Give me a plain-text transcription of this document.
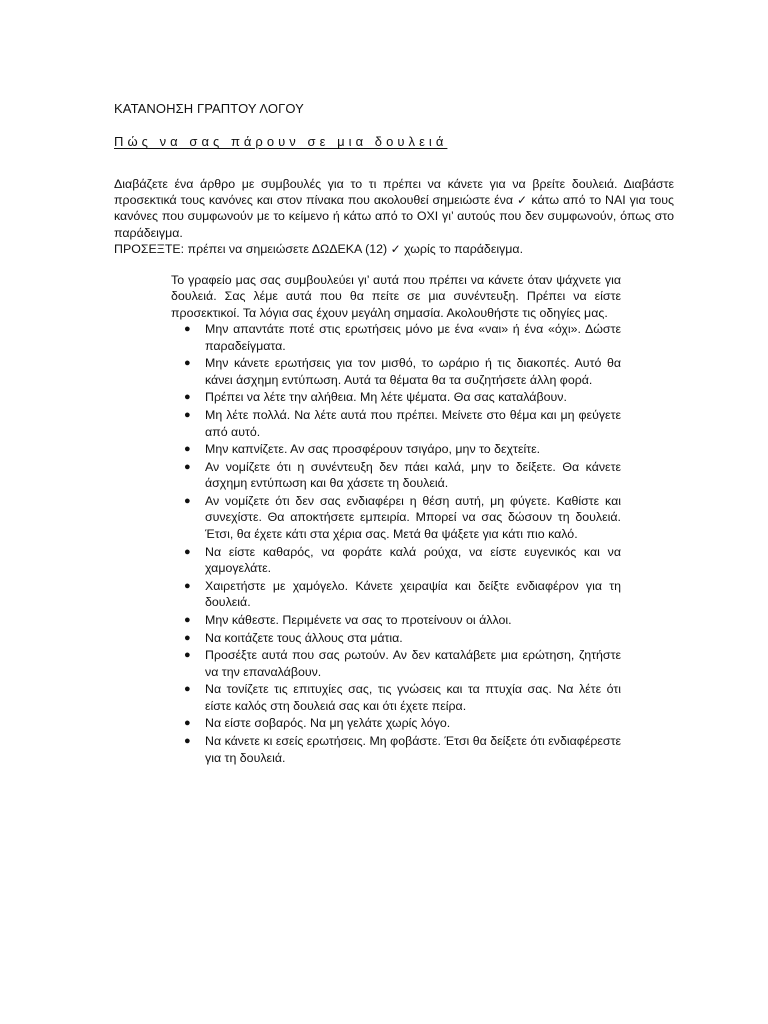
ΚΑΤΑΝΟΗΣΗ ΓΡΑΠΤΟΥ ΛΟΓΟΥ
Πώς να σας πάρουν σε μια δουλειά

Διαβάζετε ένα άρθρο με συμβουλές για το τι πρέπει να κάνετε για να βρείτε δουλειά. Διαβάστε προσεκτικά τους κανόνες και στον πίνακα που ακολουθεί σημειώστε ένα ✓ κάτω από το ΝΑΙ για τους κανόνες που συμφωνούν με το κείμενο ή κάτω από το ΟΧΙ γι’ αυτούς που δεν συμφωνούν, όπως στο παράδειγμα.

ΠΡΟΣΕΞΤΕ: πρέπει να σημειώσετε ΔΩΔΕΚΑ (12) ✓ χωρίς το παράδειγμα.

Το γραφείο μας σας συμβουλεύει γι’ αυτά που πρέπει να κάνετε όταν ψάχνετε για δουλειά. Σας λέμε αυτά που θα πείτε σε μια συνέντευξη. Πρέπει να είστε προσεκτικοί. Τα λόγια σας έχουν μεγάλη σημασία. Ακολουθήστε τις οδηγίες μας.

● Μην απαντάτε ποτέ στις ερωτήσεις μόνο με ένα «ναι» ή ένα «όχι». Δώστε παραδείγματα.
● Μην κάνετε ερωτήσεις για τον μισθό, το ωράριο ή τις διακοπές. Αυτό θα κάνει άσχημη εντύπωση. Αυτά τα θέματα θα τα συζητήσετε άλλη φορά.
● Πρέπει να λέτε την αλήθεια. Μη λέτε ψέματα. Θα σας καταλάβουν.
● Μη λέτε πολλά. Να λέτε αυτά που πρέπει. Μείνετε στο θέμα και μη φεύγετε από αυτό.
● Μην καπνίζετε. Αν σας προσφέρουν τσιγάρο, μην το δεχτείτε.
● Αν νομίζετε ότι η συνέντευξη δεν πάει καλά, μην το δείξετε. Θα κάνετε άσχημη εντύπωση και θα χάσετε τη δουλειά.
● Αν νομίζετε ότι δεν σας ενδιαφέρει η θέση αυτή, μη φύγετε. Καθίστε και συνεχίστε. Θα αποκτήσετε εμπειρία. Μπορεί να σας δώσουν τη δουλειά. Έτσι, θα έχετε κάτι στα χέρια σας. Μετά θα ψάξετε για κάτι πιο καλό.
● Να είστε καθαρός, να φοράτε καλά ρούχα, να είστε ευγενικός και να χαμογελάτε.
● Χαιρετήστε με χαμόγελο. Κάνετε χειραψία και δείξτε ενδιαφέρον για τη δουλειά.
● Μην κάθεστε. Περιμένετε να σας το προτείνουν οι άλλοι.
● Να κοιτάζετε τους άλλους στα μάτια.
● Προσέξτε αυτά που σας ρωτούν. Αν δεν καταλάβετε μια ερώτηση, ζητήστε να την επαναλάβουν.
● Να τονίζετε τις επιτυχίες σας, τις γνώσεις και τα πτυχία σας. Να λέτε ότι είστε καλός στη δουλειά σας και ότι έχετε πείρα.
● Να είστε σοβαρός. Να μη γελάτε χωρίς λόγο.
● Να κάνετε κι εσείς ερωτήσεις. Μη φοβάστε. Έτσι θα δείξετε ότι ενδιαφέρεστε για τη δουλειά.
